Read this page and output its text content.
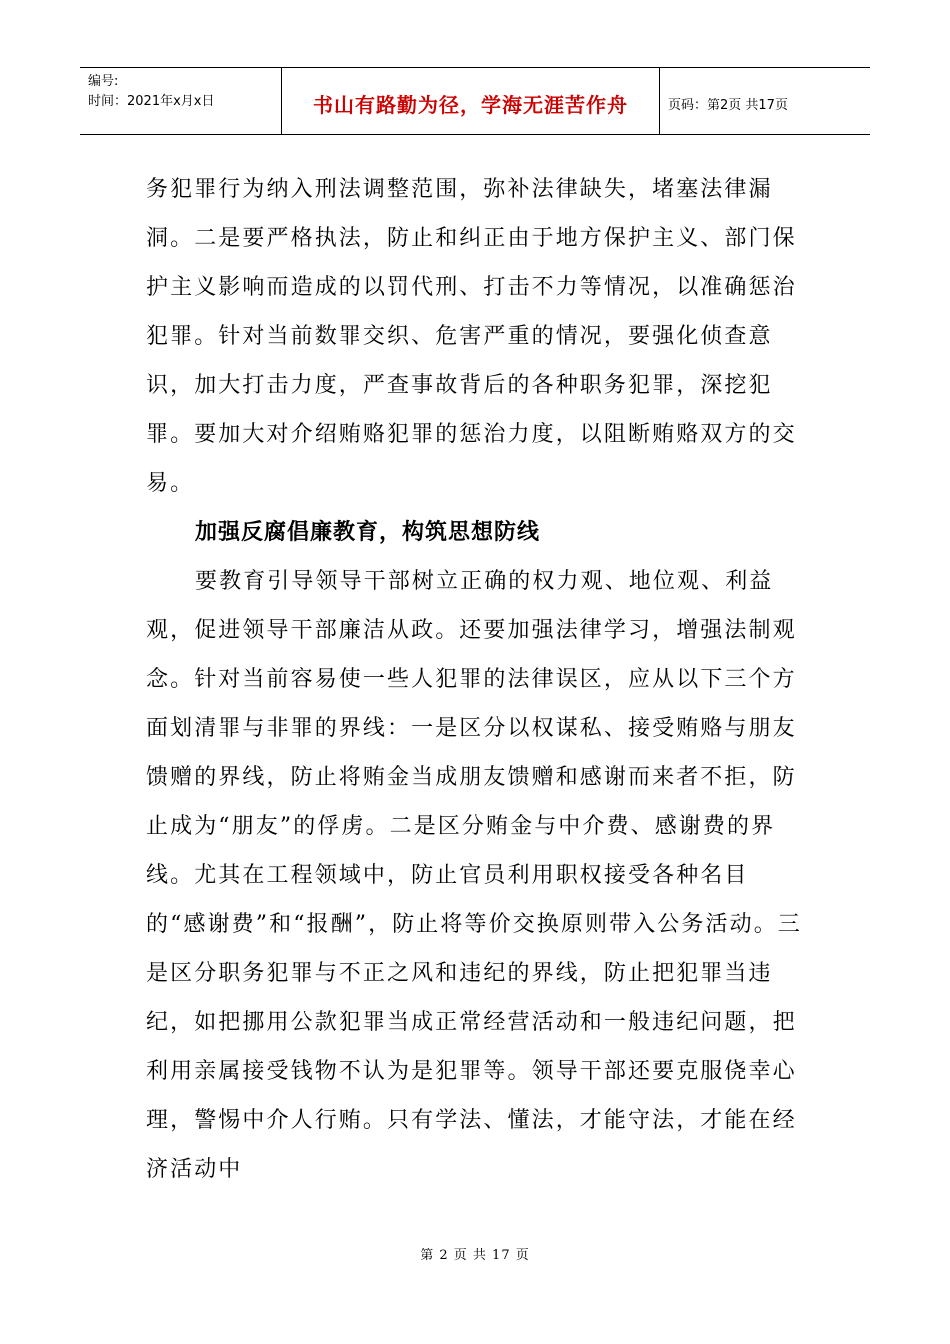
编号:
时间：2021年x月x日	书山有路勤为径，学海无涯苦作舟	页码：第2页 共17页

务犯罪行为纳入刑法调整范围，弥补法律缺失，堵塞法律漏洞。二是要严格执法，防止和纠正由于地方保护主义、部门保护主义影响而造成的以罚代刑、打击不力等情况，以准确惩治犯罪。针对当前数罪交织、危害严重的情况，要强化侦查意识，加大打击力度，严查事故背后的各种职务犯罪，深挖犯罪。要加大对介绍贿赂犯罪的惩治力度，以阻断贿赂双方的交易。

加强反腐倡廉教育，构筑思想防线

要教育引导领导干部树立正确的权力观、地位观、利益观，促进领导干部廉洁从政。还要加强法律学习，增强法制观念。针对当前容易使一些人犯罪的法律误区，应从以下三个方面划清罪与非罪的界线：一是区分以权谋私、接受贿赂与朋友馈赠的界线，防止将贿金当成朋友馈赠和感谢而来者不拒，防止成为“朋友”的俘虏。二是区分贿金与中介费、感谢费的界线。尤其在工程领域中，防止官员利用职权接受各种名目的“感谢费”和“报酬”，防止将等价交换原则带入公务活动。三是区分职务犯罪与不正之风和违纪的界线，防止把犯罪当违纪，如把挪用公款犯罪当成正常经营活动和一般违纪问题，把利用亲属接受钱物不认为是犯罪等。领导干部还要克服侥幸心理，警惕中介人行贿。只有学法、懂法，才能守法，才能在经济活动中

第 2 页 共 17 页
